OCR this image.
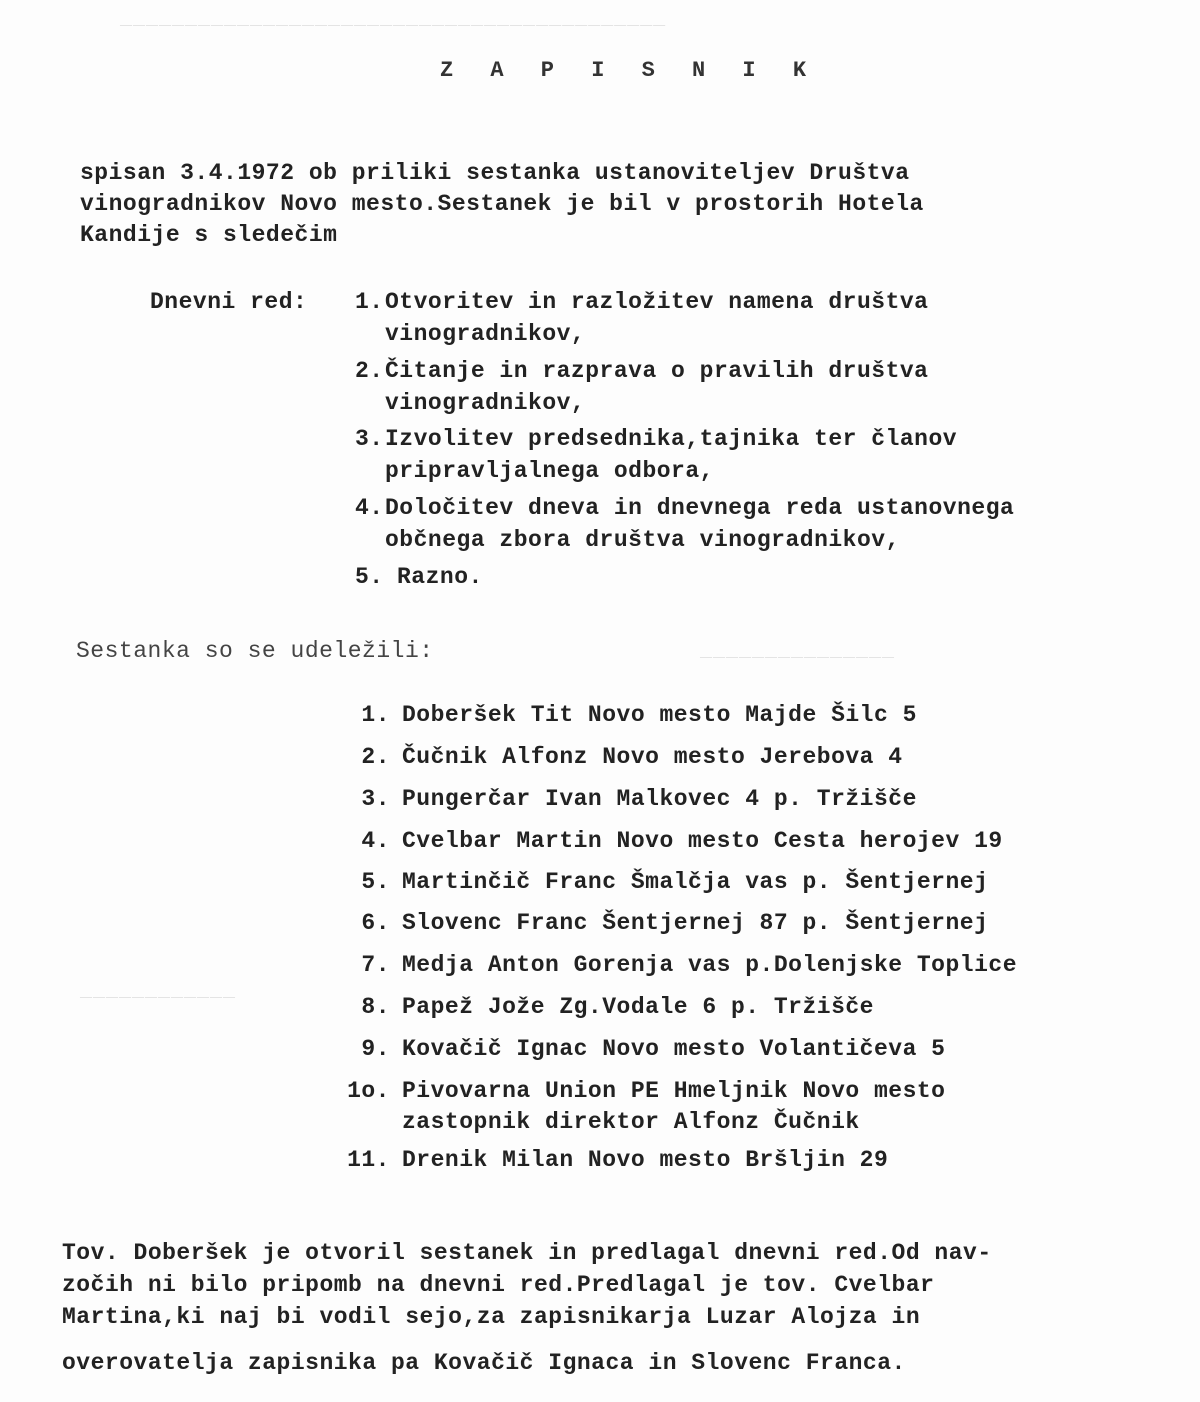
__________________________________________
_______________
____________
Z A P I S N I K
spisan 3.4.1972 ob priliki sestanka ustanoviteljev Društva
vinogradnikov Novo mesto.Sestanek je bil v prostorih Hotela
Kandije s sledečim
Dnevni red: 1. Otvoritev in razložitev namena društva
vinogradnikov,
2. Čitanje in razprava o pravilih društva
vinogradnikov,
3. Izvolitev predsednika,tajnika ter članov
pripravljalnega odbora,
4. Določitev dneva in dnevnega reda ustanovnega
občnega zbora društva vinogradnikov,
5. Razno.
Sestanka so se udeležili:
1. Doberšek Tit Novo mesto Majde Šilc 5
2. Čučnik Alfonz Novo mesto Jerebova 4
3. Pungerčar Ivan Malkovec 4 p. Tržišče
4. Cvelbar Martin Novo mesto Cesta herojev 19
5. Martinčič Franc Šmalčja vas p. Šentjernej
6. Slovenc Franc Šentjernej 87 p. Šentjernej
7. Medja Anton Gorenja vas p.Dolenjske Toplice
8. Papež Jože Zg.Vodale 6 p. Tržišče
9. Kovačič Ignac Novo mesto Volantičeva 5
1o. Pivovarna Union PE Hmeljnik Novo mesto
zastopnik direktor Alfonz Čučnik
11. Drenik Milan Novo mesto Bršljin 29
Tov. Doberšek je otvoril sestanek in predlagal dnevni red.Od nav-
zočih ni bilo pripomb na dnevni red.Predlagal je tov. Cvelbar
Martina,ki naj bi vodil sejo,za zapisnikarja Luzar Alojza in
overovatelja zapisnika pa Kovačič Ignaca in Slovenc Franca.
